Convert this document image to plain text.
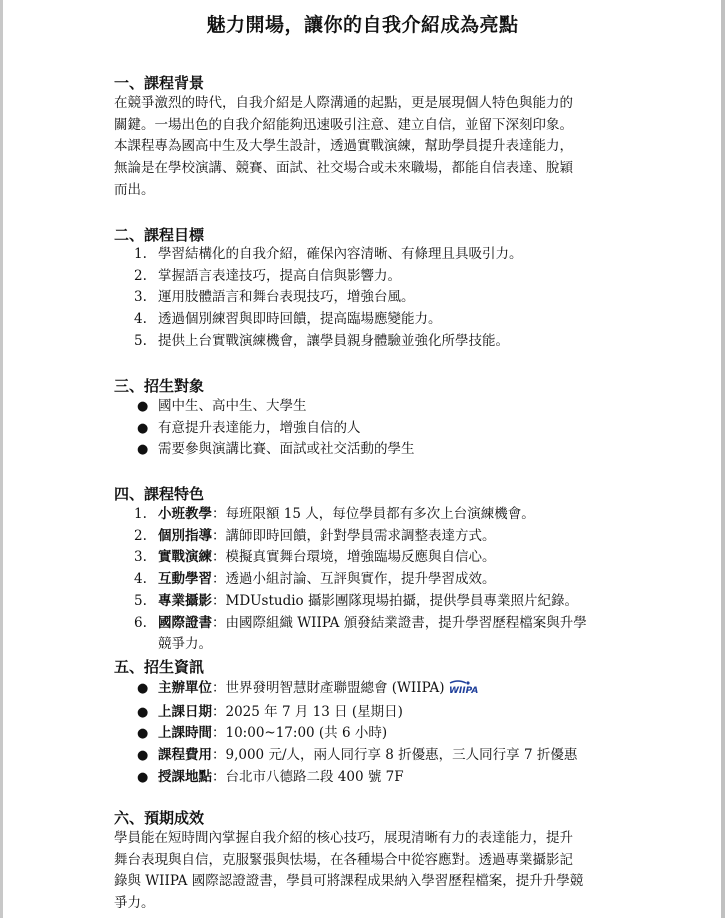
魅力開場，讓你的自我介紹成為亮點
一、課程背景
在競爭激烈的時代，自我介紹是人際溝通的起點，更是展現個人特色與能力的
關鍵。一場出色的自我介紹能夠迅速吸引注意、建立自信，並留下深刻印象。
本課程專為國高中生及大學生設計，透過實戰演練，幫助學員提升表達能力，
無論是在學校演講、競賽、面試、社交場合或未來職場，都能自信表達、脫穎
而出。
二、課程目標
1. 學習結構化的自我介紹，確保內容清晰、有條理且具吸引力。
2. 掌握語言表達技巧，提高自信與影響力。
3. 運用肢體語言和舞台表現技巧，增強台風。
4. 透過個別練習與即時回饋，提高臨場應變能力。
5. 提供上台實戰演練機會，讓學員親身體驗並強化所學技能。
三、招生對象
● 國中生、高中生、大學生
● 有意提升表達能力，增強自信的人
● 需要參與演講比賽、面試或社交活動的學生
四、課程特色
1. 小班教學：每班限額 15 人，每位學員都有多次上台演練機會。
2. 個別指導：講師即時回饋，針對學員需求調整表達方式。
3. 實戰演練：模擬真實舞台環境，增強臨場反應與自信心。
4. 互動學習：透過小組討論、互評與實作，提升學習成效。
5. 專業攝影：MDUstudio 攝影團隊現場拍攝，提供學員專業照片紀錄。
6. 國際證書：由國際組織 WIIPA 頒發結業證書，提升學習歷程檔案與升學
競爭力。
五、招生資訊
● 主辦單位：世界發明智慧財產聯盟總會 (WIIPA) WIIPA
● 上課日期：2025 年 7 月 13 日 (星期日)
● 上課時間：10:00~17:00 (共 6 小時)
● 課程費用：9,000 元/人，兩人同行享 8 折優惠，三人同行享 7 折優惠
● 授課地點：台北市八德路二段 400 號 7F
六、預期成效
學員能在短時間內掌握自我介紹的核心技巧，展現清晰有力的表達能力，提升
舞台表現與自信，克服緊張與怯場，在各種場合中從容應對。透過專業攝影記
錄與 WIIPA 國際認證證書，學員可將課程成果納入學習歷程檔案，提升升學競
爭力。
